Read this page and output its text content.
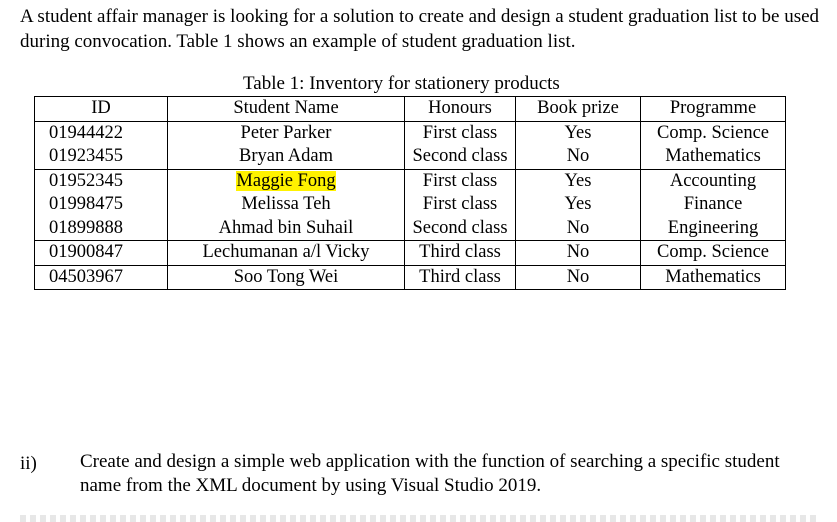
A student affair manager is looking for a solution to create and design a student graduation list to be used during convocation. Table 1 shows an example of student graduation list.
Table 1: Inventory for stationery products
ID	Student Name	Honours	Book prize	Programme
01944422	Peter Parker	First class	Yes	Comp. Science
01923455	Bryan Adam	Second class	No	Mathematics
01952345	Maggie Fong	First class	Yes	Accounting
01998475	Melissa Teh	First class	Yes	Finance
01899888	Ahmad bin Suhail	Second class	No	Engineering
01900847	Lechumanan a/l Vicky	Third class	No	Comp. Science
04503967	Soo Tong Wei	Third class	No	Mathematics
ii) Create and design a simple web application with the function of searching a specific student name from the XML document by using Visual Studio 2019.
